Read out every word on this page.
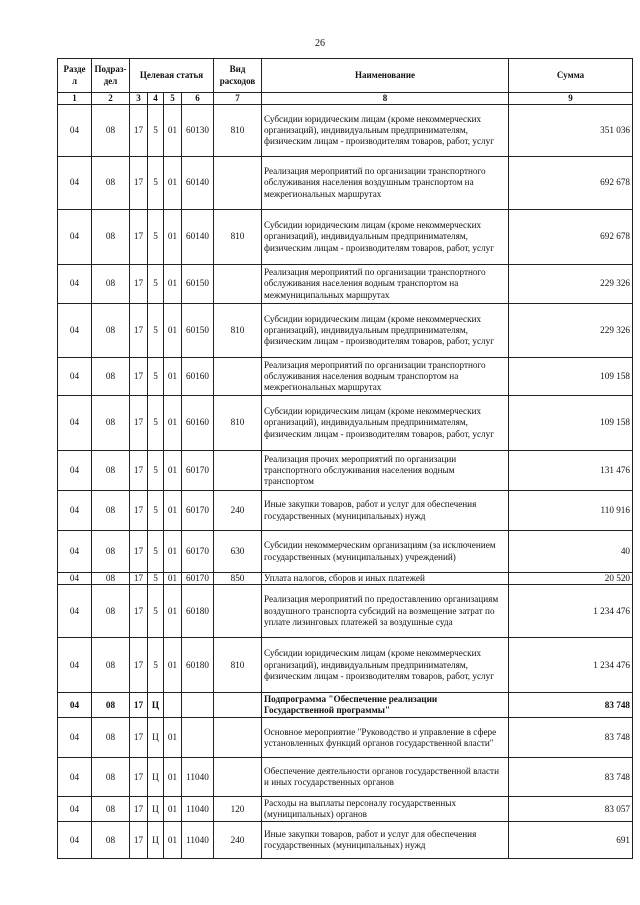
26
Разде л	Подраз-дел	Целевая статья				Вид расходов	Наименование	Сумма
1	2	3	4	5	6	7	8	9
04	08	17	5	01	60130	810	Субсидии юридическим лицам (кроме некоммерческих организаций), индивидуальным предпринимателям, физическим лицам - производителям товаров, работ, услуг	351 036
04	08	17	5	01	60140		Реализация мероприятий по организации транспортного обслуживания населения воздушным транспортом на межрегиональных маршрутах	692 678
04	08	17	5	01	60140	810	Субсидии юридическим лицам (кроме некоммерческих организаций), индивидуальным предпринимателям, физическим лицам - производителям товаров, работ, услуг	692 678
04	08	17	5	01	60150		Реализация мероприятий по организации транспортного обслуживания населения водным транспортом на межмуниципальных маршрутах	229 326
04	08	17	5	01	60150	810	Субсидии юридическим лицам (кроме некоммерческих организаций), индивидуальным предпринимателям, физическим лицам - производителям товаров, работ, услуг	229 326
04	08	17	5	01	60160		Реализация мероприятий по организации транспортного обслуживания населения водным транспортом на межрегиональных маршрутах	109 158
04	08	17	5	01	60160	810	Субсидии юридическим лицам (кроме некоммерческих организаций), индивидуальным предпринимателям, физическим лицам - производителям товаров, работ, услуг	109 158
04	08	17	5	01	60170		Реализация прочих мероприятий по организации транспортного обслуживания населения водным транспортом	131 476
04	08	17	5	01	60170	240	Иные закупки товаров, работ и услуг для обеспечения государственных (муниципальных) нужд	110 916
04	08	17	5	01	60170	630	Субсидии некоммерческим организациям (за исключением государственных (муниципальных) учреждений)	40
04	08	17	5	01	60170	850	Уплата налогов, сборов и иных платежей	20 520
04	08	17	5	01	60180		Реализация мероприятий по предоставлению организациям воздушного транспорта субсидий на возмещение затрат по уплате лизинговых платежей за воздушные суда	1 234 476
04	08	17	5	01	60180	810	Субсидии юридическим лицам (кроме некоммерческих организаций), индивидуальным предпринимателям, физическим лицам - производителям товаров, работ, услуг	1 234 476
04	08	17	Ц				Подпрограмма "Обеспечение реализации Государственной программы"	83 748
04	08	17	Ц	01			Основное мероприятие "Руководство и управление в сфере установленных функций органов государственной власти"	83 748
04	08	17	Ц	01	11040		Обеспечение деятельности органов государственной власти и иных государственных органов	83 748
04	08	17	Ц	01	11040	120	Расходы на выплаты персоналу государственных (муниципальных) органов	83 057
04	08	17	Ц	01	11040	240	Иные закупки товаров, работ и услуг для обеспечения государственных (муниципальных) нужд	691
